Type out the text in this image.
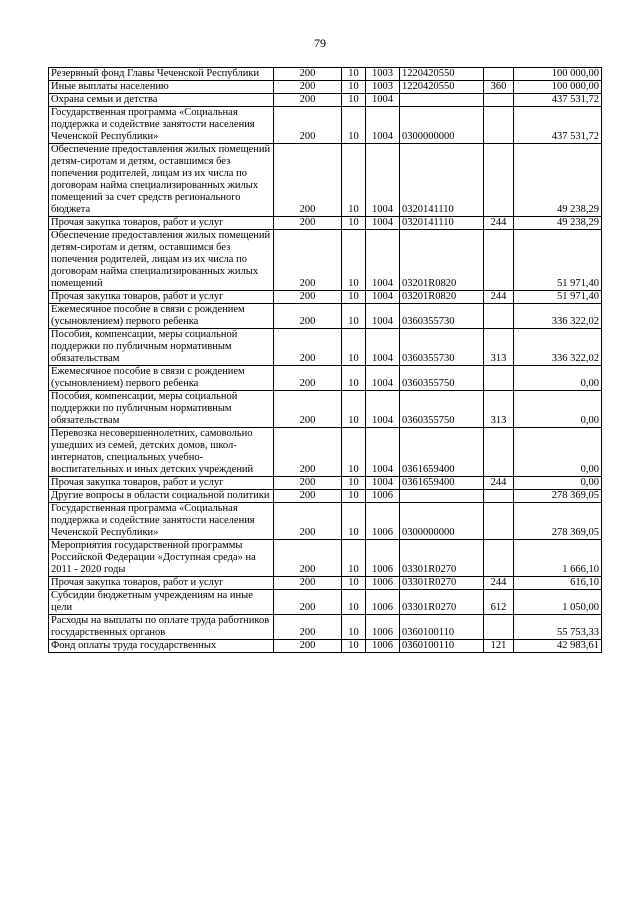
79
Резервный фонд Главы Чеченской Республики	200	10	1003	1220420550		100 000,00
Иные выплаты населению	200	10	1003	1220420550	360	100 000,00
Охрана семьи и детства	200	10	1004			437 531,72
Государственная программа «Социальная поддержка и содействие занятости населения Чеченской Республики»	200	10	1004	0300000000		437 531,72
Обеспечение предоставления жилых помещений детям-сиротам и детям, оставшимся без попечения родителей, лицам из их числа по договорам найма специализированных жилых помещений за счет средств регионального бюджета	200	10	1004	0320141110		49 238,29
Прочая закупка товаров, работ и услуг	200	10	1004	0320141110	244	49 238,29
Обеспечение предоставления жилых помещений детям-сиротам и детям, оставшимся без попечения родителей, лицам из их числа по договорам найма специализированных жилых помещений	200	10	1004	03201R0820		51 971,40
Прочая закупка товаров, работ и услуг	200	10	1004	03201R0820	244	51 971,40
Ежемесячное пособие в связи с рождением (усыновлением) первого ребенка	200	10	1004	0360355730		336 322,02
Пособия, компенсации, меры социальной поддержки по публичным нормативным обязательствам	200	10	1004	0360355730	313	336 322,02
Ежемесячное пособие в связи с рождением (усыновлением) первого ребенка	200	10	1004	0360355750		0,00
Пособия, компенсации, меры социальной поддержки по публичным нормативным обязательствам	200	10	1004	0360355750	313	0,00
Перевозка несовершеннолетних, самовольно ушедших из семей, детских домов, школ-интернатов, специальных учебно-воспитательных и иных детских учреждений	200	10	1004	0361659400		0,00
Прочая закупка товаров, работ и услуг	200	10	1004	0361659400	244	0,00
Другие вопросы в области социальной политики	200	10	1006			278 369,05
Государственная программа «Социальная поддержка и содействие занятости населения Чеченской Республики»	200	10	1006	0300000000		278 369,05
Мероприятия государственной программы Российской Федерации «Доступная среда» на 2011 - 2020 годы	200	10	1006	03301R0270		1 666,10
Прочая закупка товаров, работ и услуг	200	10	1006	03301R0270	244	616,10
Субсидии бюджетным учреждениям на иные цели	200	10	1006	03301R0270	612	1 050,00
Расходы на выплаты по оплате труда работников государственных органов	200	10	1006	0360100110		55 753,33
Фонд оплаты труда государственных	200	10	1006	0360100110	121	42 983,61
